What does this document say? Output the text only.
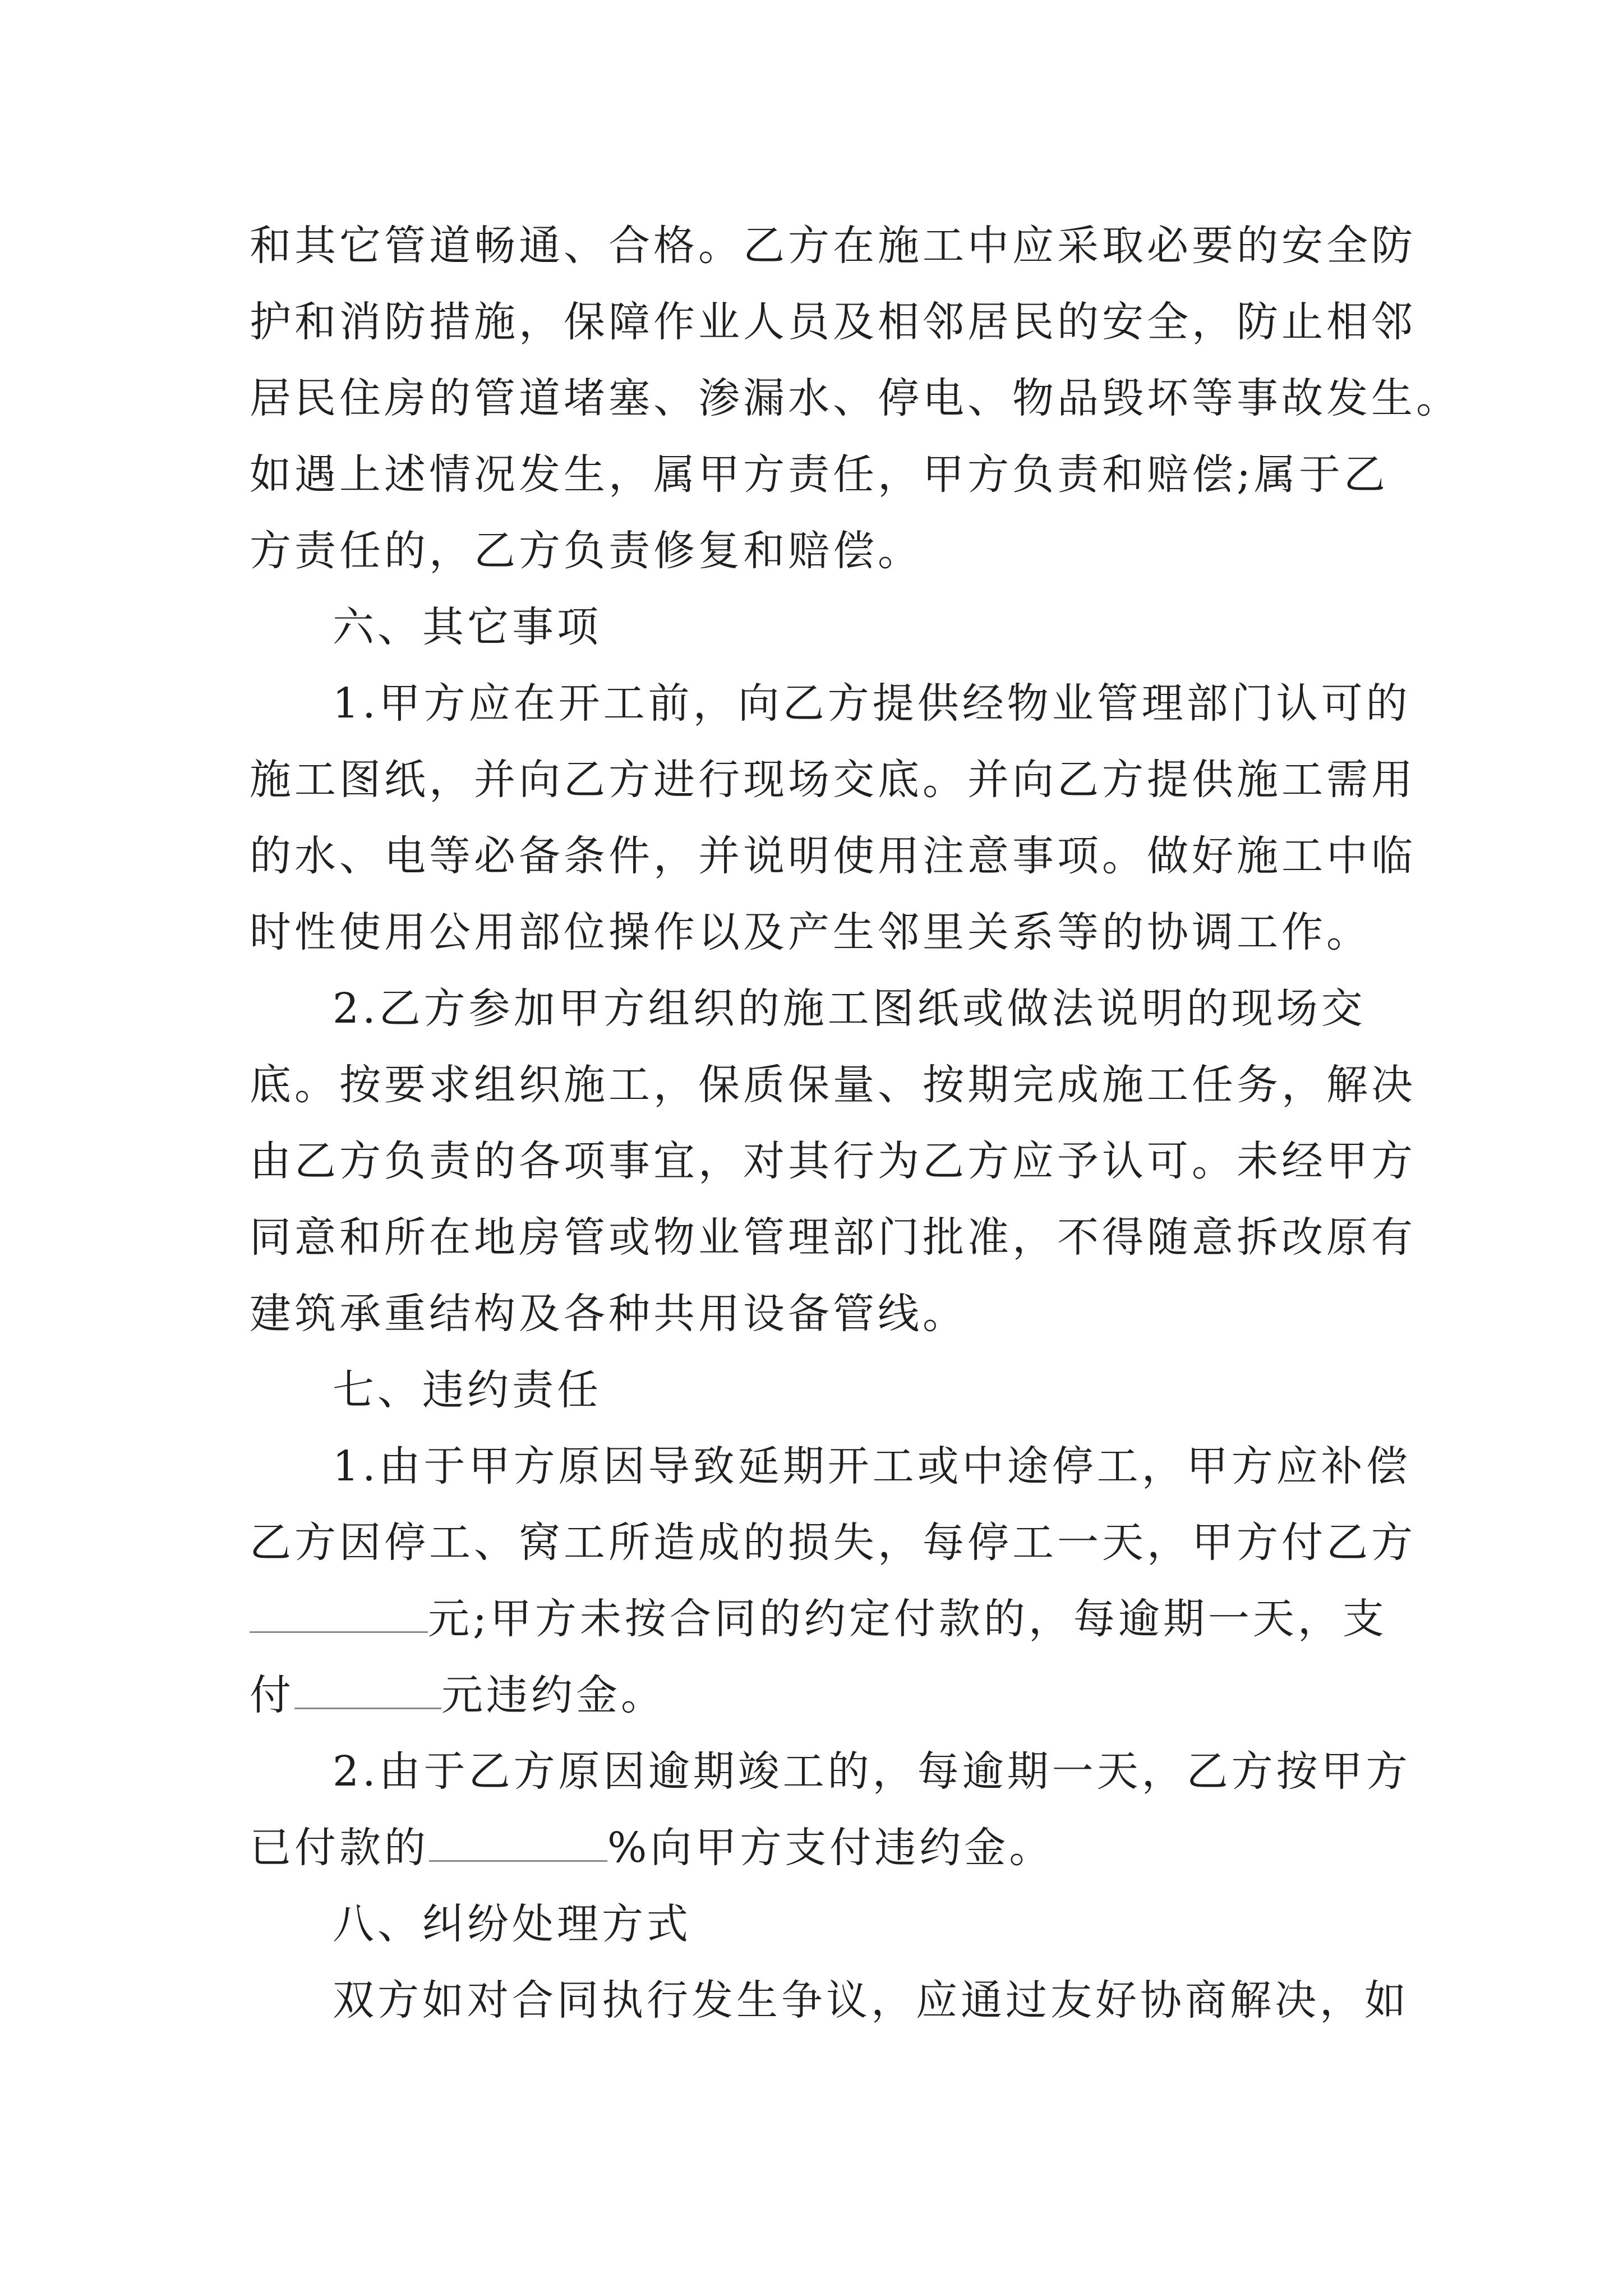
和其它管道畅通、合格。乙方在施工中应采取必要的安全防
护和消防措施，保障作业人员及相邻居民的安全，防止相邻
居民住房的管道堵塞、渗漏水、停电、物品毁坏等事故发生。
如遇上述情况发生，属甲方责任，甲方负责和赔偿;属于乙
方责任的，乙方负责修复和赔偿。
六、其它事项
1.甲方应在开工前，向乙方提供经物业管理部门认可的
施工图纸，并向乙方进行现场交底。并向乙方提供施工需用
的水、电等必备条件，并说明使用注意事项。做好施工中临
时性使用公用部位操作以及产生邻里关系等的协调工作。
2.乙方参加甲方组织的施工图纸或做法说明的现场交
底。按要求组织施工，保质保量、按期完成施工任务，解决
由乙方负责的各项事宜，对其行为乙方应予认可。未经甲方
同意和所在地房管或物业管理部门批准，不得随意拆改原有
建筑承重结构及各种共用设备管线。
七、违约责任
1.由于甲方原因导致延期开工或中途停工，甲方应补偿
乙方因停工、窝工所造成的损失，每停工一天，甲方付乙方
元;甲方未按合同的约定付款的，每逾期一天，支
付	元违约金。
2.由于乙方原因逾期竣工的，每逾期一天，乙方按甲方
已付款的	%向甲方支付违约金。
八、纠纷处理方式
双方如对合同执行发生争议，应通过友好协商解决，如
